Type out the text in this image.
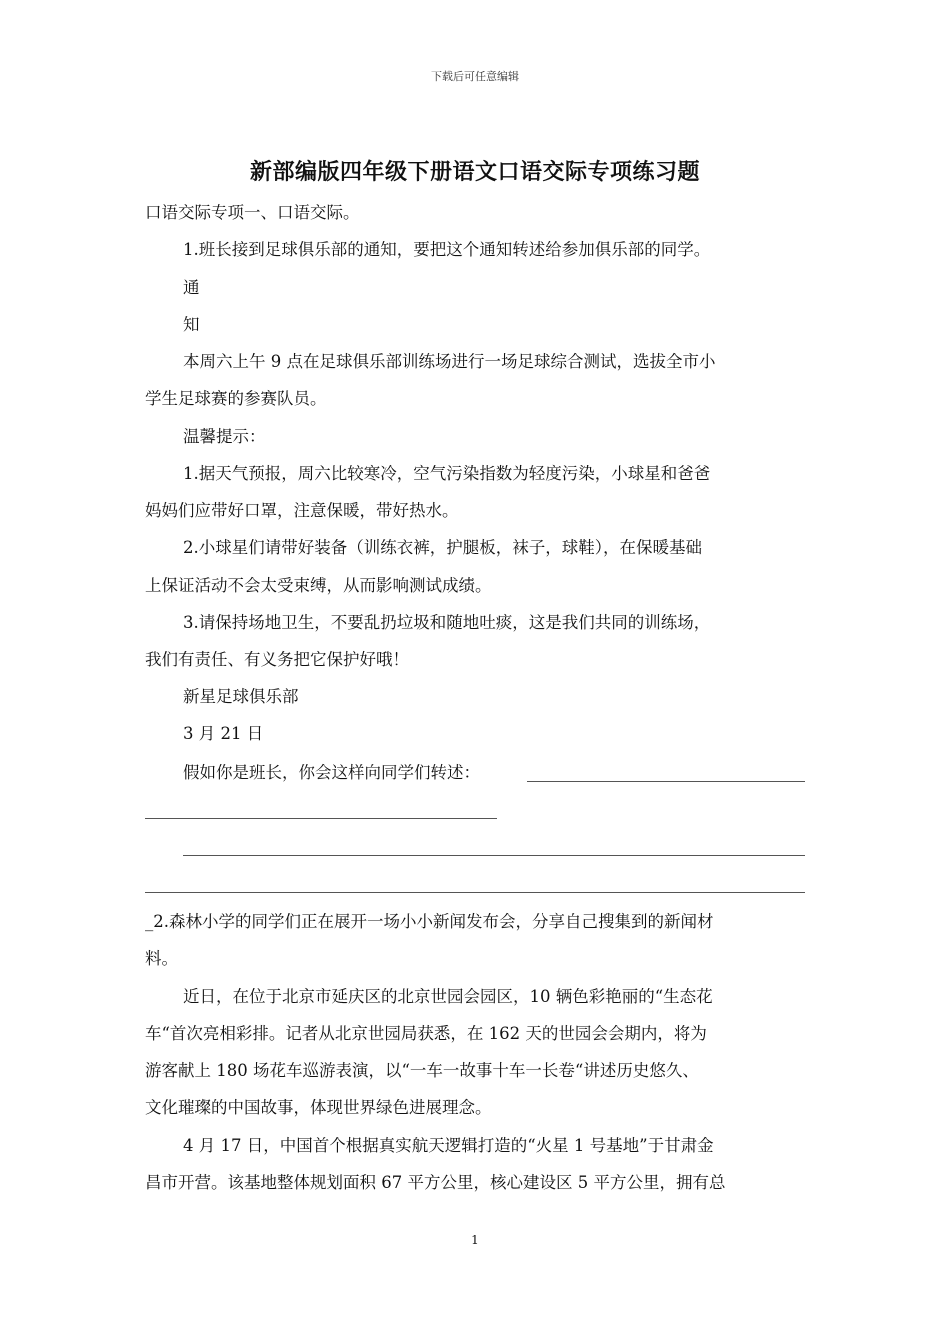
下载后可任意编辑
新部编版四年级下册语文口语交际专项练习题
口语交际专项一、口语交际。
1.班长接到足球俱乐部的通知，要把这个通知转述给参加俱乐部的同学。
通
知
本周六上午 9 点在足球俱乐部训练场进行一场足球综合测试，选拔全市小
学生足球赛的参赛队员。
温馨提示：
1.据天气预报，周六比较寒冷，空气污染指数为轻度污染，小球星和爸爸
妈妈们应带好口罩，注意保暖，带好热水。
2.小球星们请带好装备（训练衣裤，护腿板，袜子，球鞋），在保暖基础
上保证活动不会太受束缚，从而影响测试成绩。
3.请保持场地卫生，不要乱扔垃圾和随地吐痰，这是我们共同的训练场，
我们有责任、有义务把它保护好哦！
新星足球俱乐部
3 月 21 日
假如你是班长，你会这样向同学们转述：
_2.森林小学的同学们正在展开一场小小新闻发布会，分享自己搜集到的新闻材
料。
近日，在位于北京市延庆区的北京世园会园区，10 辆色彩艳丽的“生态花
车“首次亮相彩排。记者从北京世园局获悉，在 162 天的世园会会期内，将为
游客献上 180 场花车巡游表演，以“一车一故事十车一长卷“讲述历史悠久、
文化璀璨的中国故事，体现世界绿色进展理念。
4 月 17 日，中国首个根据真实航天逻辑打造的“火星 1 号基地”于甘肃金
昌市开营。该基地整体规划面积 67 平方公里，核心建设区 5 平方公里，拥有总
1
